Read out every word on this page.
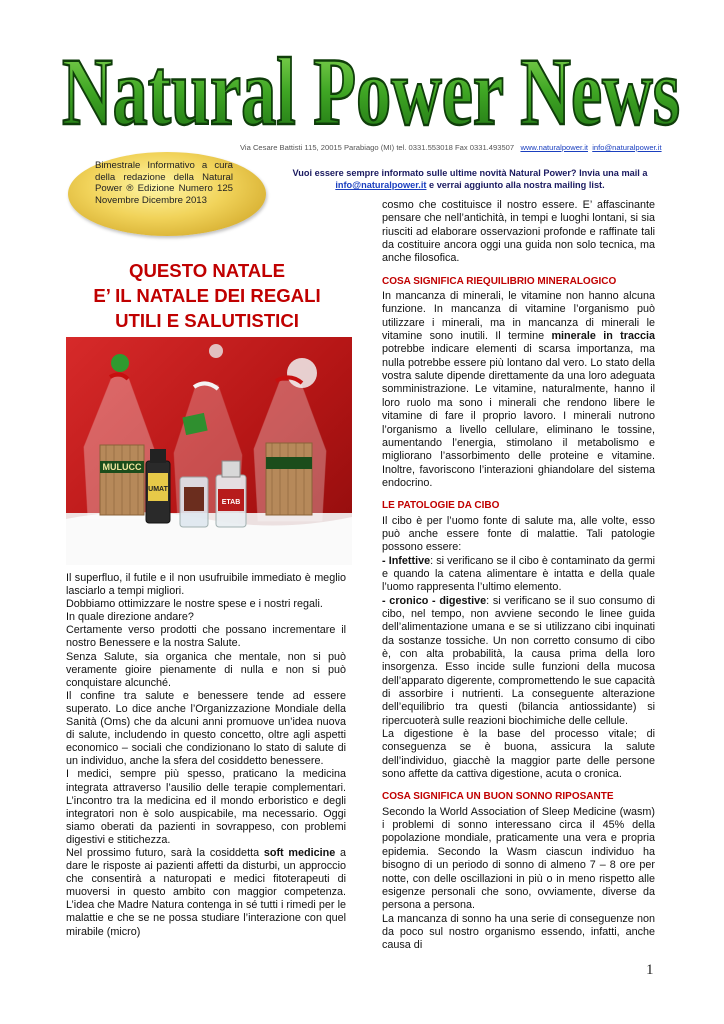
Natural Power News
Via Cesare Battisti 115, 20015 Parabiago (MI) tel. 0331.553018 Fax 0331.493507 www.naturalpower.it info@naturalpower.it
Bimestrale Informativo a cura della redazione della Natural Power ® Edizione Numero 125 Novembre Dicembre 2013
Vuoi essere sempre informato sulle ultime novità Natural Power? Invia una mail a info@naturalpower.it e verrai aggiunto alla nostra mailing list.
QUESTO NATALE
E’ IL NATALE DEI REGALI
UTILI E SALUTISTICI
MULUCC
UMAT
ETAB

Il superfluo, il futile e il non usufruibile immediato è meglio lasciarlo a tempi migliori.

Dobbiamo ottimizzare le nostre spese e i nostri regali.

In quale direzione andare?

Certamente verso prodotti che possano incrementare il nostro Benessere e la nostra Salute.

Senza Salute, sia organica che mentale, non si può veramente gioire pienamente di nulla e non si può conquistare alcunché.

Il confine tra salute e benessere tende ad essere superato. Lo dice anche l’Organizzazione Mondiale della Sanità (Oms) che da alcuni anni promuove un’idea nuova di salute, includendo in questo concetto, oltre agli aspetti economico – sociali che condizionano lo stato di salute di un individuo, anche la sfera del cosiddetto benessere.

I medici, sempre più spesso, praticano la medicina integrata attraverso l’ausilio delle terapie complementari. L’incontro tra la medicina ed il mondo erboristico e degli integratori non è solo auspicabile, ma necessario. Oggi siamo oberati da pazienti in sovrappeso, con problemi digestivi e stitichezza.

Nel prossimo futuro, sarà la cosiddetta soft medicine a dare le risposte ai pazienti affetti da disturbi, un approccio che consentirà a naturopati e medici fitoterapeuti di muoversi in questo ambito con maggior competenza. L’idea che Madre Natura contenga in sé tutti i rimedi per le malattie e che se ne possa studiare l’interazione con quel mirabile (micro)

cosmo che costituisce il nostro essere. E’ affascinante pensare che nell’antichità, in tempi e luoghi lontani, si sia riusciti ad elaborare osservazioni profonde e raffinate tali da costituire ancora oggi una guida non solo tecnica, ma anche filosofica.

COSA SIGNIFICA RIEQUILIBRIO MINERALOGICO

In mancanza di minerali, le vitamine non hanno alcuna funzione. In mancanza di vitamine l’organismo può utilizzare i minerali, ma in mancanza di minerali le vitamine sono inutili. Il termine minerale in traccia potrebbe indicare elementi di scarsa importanza, ma nulla potrebbe essere più lontano dal vero. Lo stato della vostra salute dipende direttamente da una loro adeguata somministrazione. Le vitamine, naturalmente, hanno il loro ruolo ma sono i minerali che rendono libere le vitamine di fare il proprio lavoro. I minerali nutrono l’organismo a livello cellulare, eliminano le tossine, aumentando l’energia, stimolano il metabolismo e migliorano l’assorbimento delle proteine e vitamine. Inoltre, favoriscono l’interazioni ghiandolare del sistema endocrino.

LE PATOLOGIE DA CIBO

Il cibo è per l’uomo fonte di salute ma, alle volte, esso può anche essere fonte di malattie. Tali patologie possono essere:

- Infettive: si verificano se il cibo è contaminato da germi e quando la catena alimentare è intatta e della quale l’uomo rappresenta l’ultimo elemento.

- cronico - digestive: si verificano se il suo consumo di cibo, nel tempo, non avviene secondo le linee guida dell’alimentazione umana e se si utilizzano cibi inquinati da sostanze tossiche. Un non corretto consumo di cibo è, con alta probabilità, la causa prima della loro insorgenza. Esso incide sulle funzioni della mucosa dell’apparato digerente, compromettendo le sue capacità di assorbire i nutrienti. La conseguente alterazione dell’equilibrio tra questi (bilancia antiossidante) si ripercuoterà sulle reazioni biochimiche delle cellule.

La digestione è la base del processo vitale; di conseguenza se è buona, assicura la salute dell’individuo, giacchè la maggior parte delle persone sono affette da cattiva digestione, acuta o cronica.

COSA SIGNIFICA UN BUON SONNO RIPOSANTE

Secondo la World Association of Sleep Medicine (wasm) i problemi di sonno interessano circa il 45% della popolazione mondiale, praticamente una vera e propria epidemia. Secondo la Wasm ciascun individuo ha bisogno di un periodo di sonno di almeno 7 – 8 ore per notte, con delle oscillazioni in più o in meno rispetto alle esigenze personali che sono, ovviamente, diverse da persona a persona.

La mancanza di sonno ha una serie di conseguenze non da poco sul nostro organismo essendo, infatti, anche causa di

1
